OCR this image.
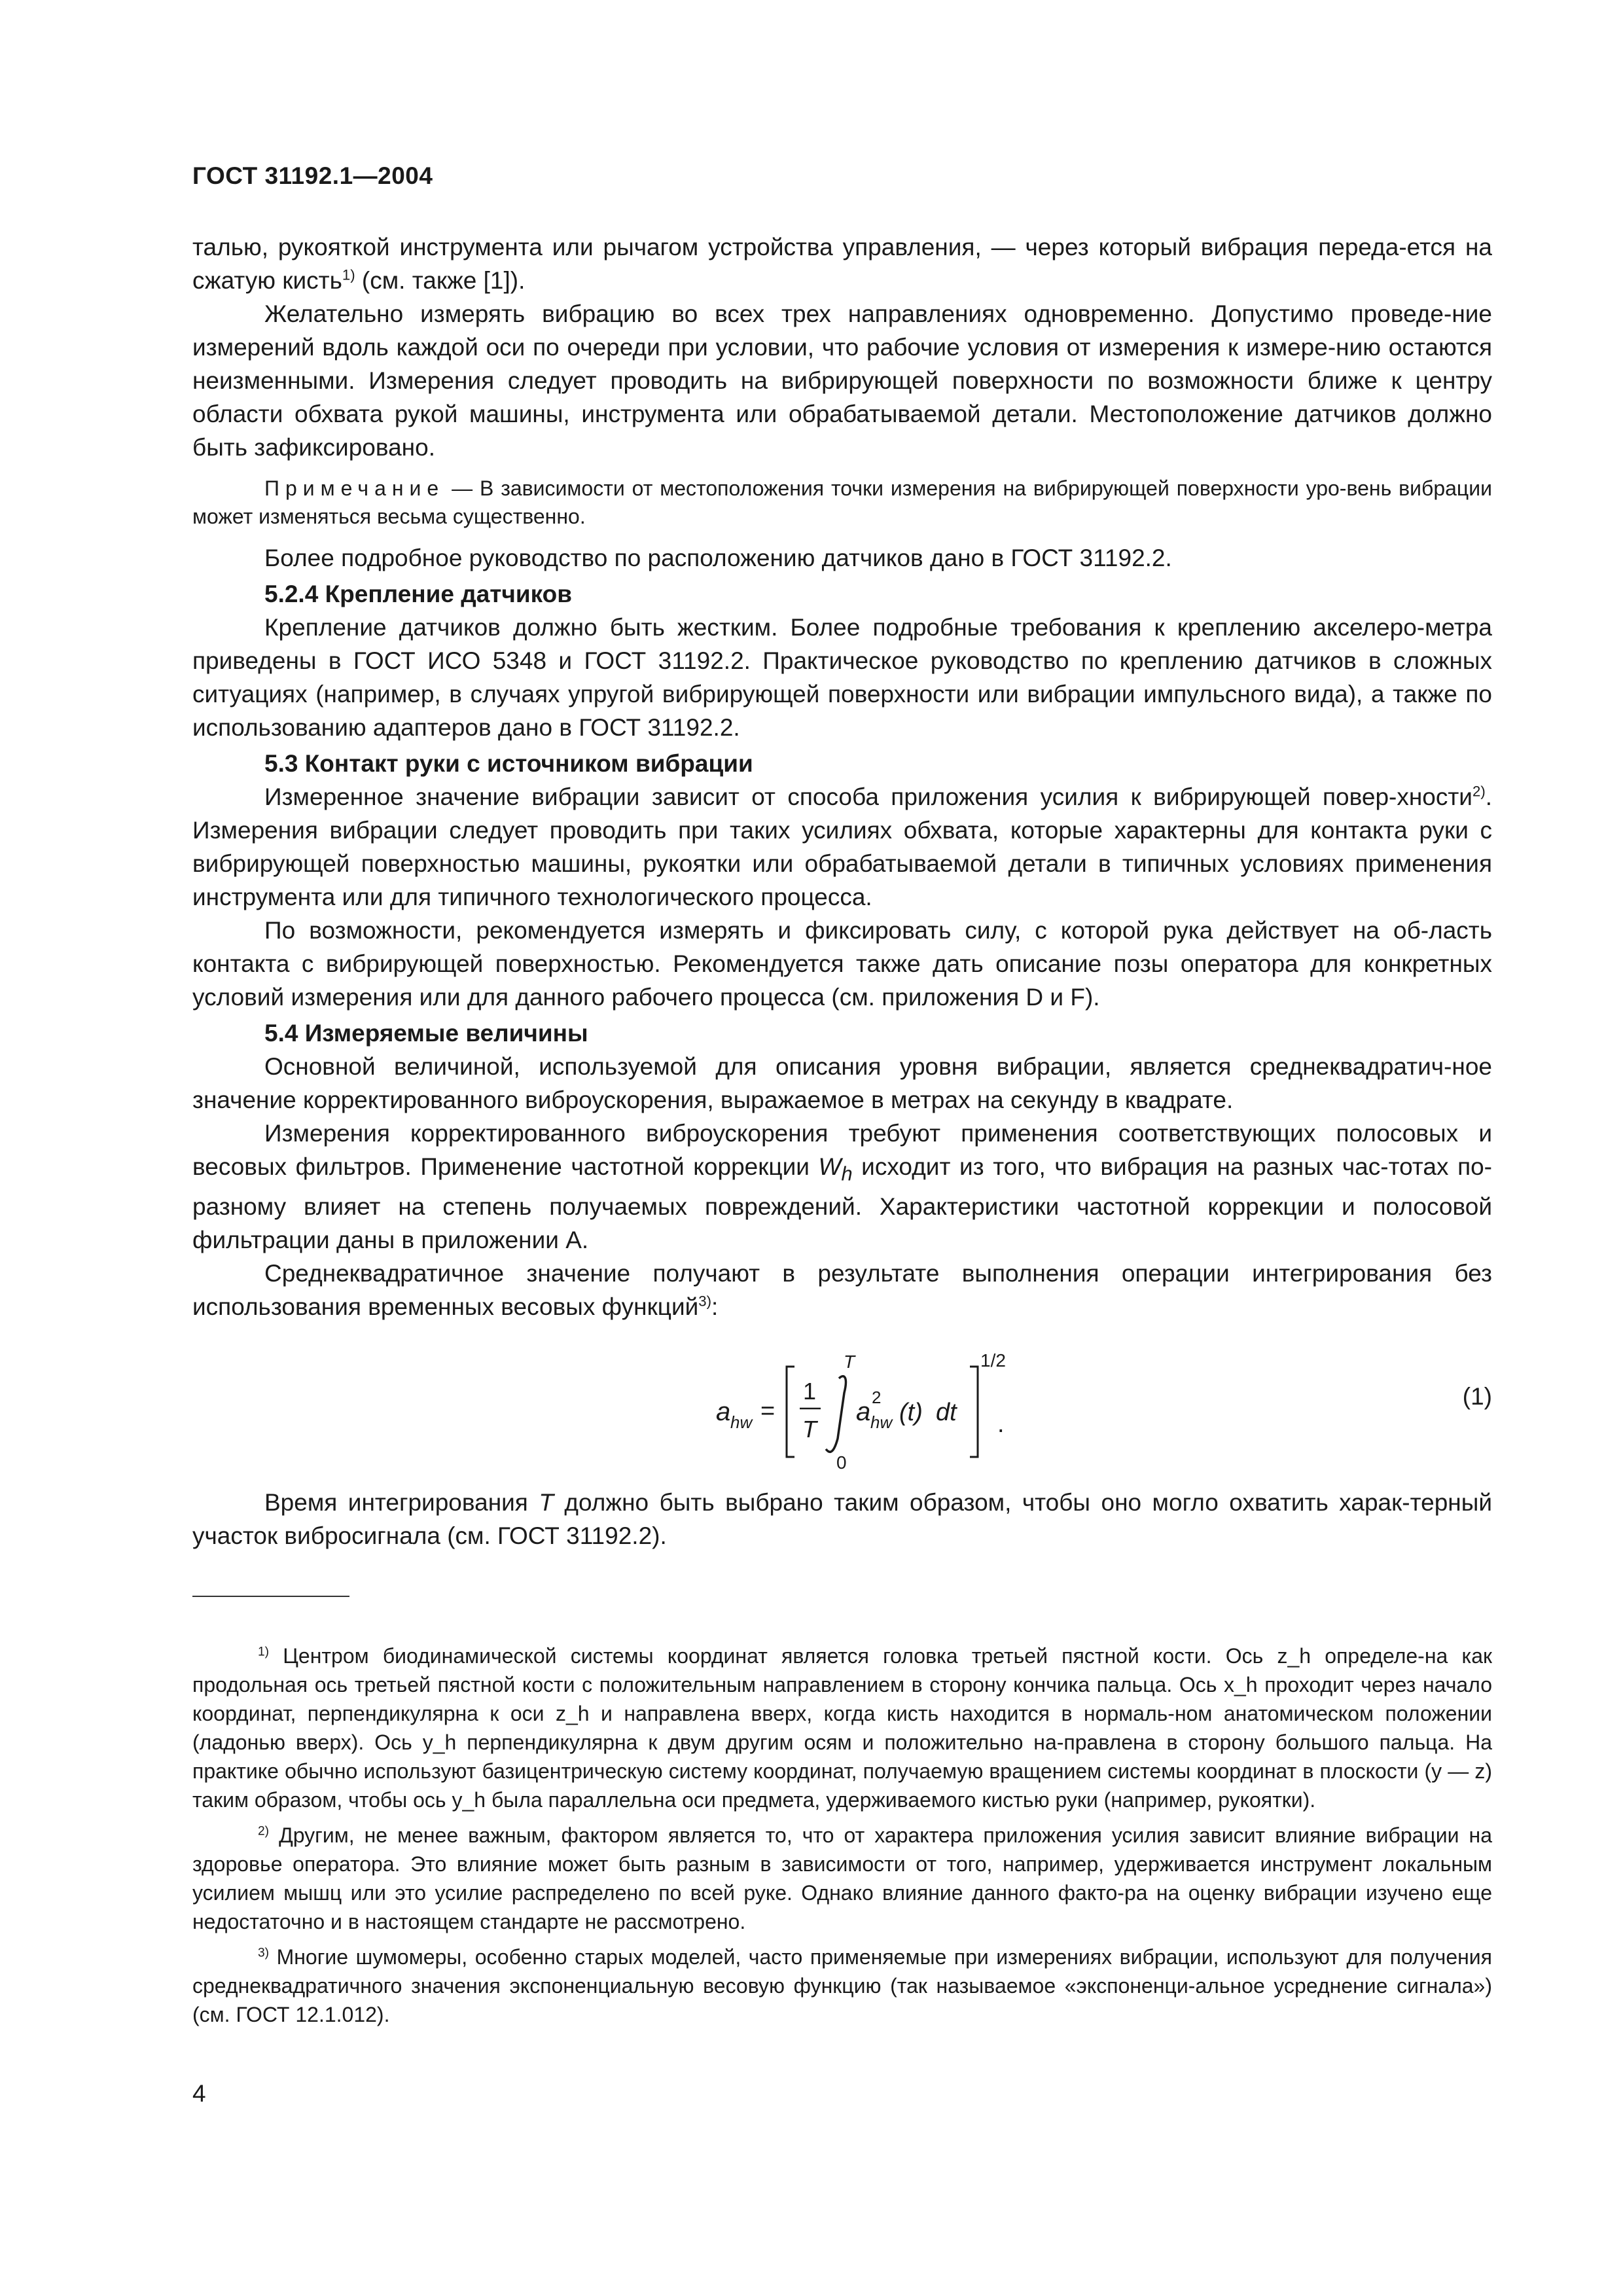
ГОСТ 31192.1—2004

талью, рукояткой инструмента или рычагом устройства управления, — через который вибрация переда-ется на сжатую кисть$^{1)}$ (см. также [1]).

Желательно измерять вибрацию во всех трех направлениях одновременно. Допустимо проведе-ние измерений вдоль каждой оси по очереди при условии, что рабочие условия от измерения к измере-нию остаются неизменными. Измерения следует проводить на вибрирующей поверхности по возможности ближе к центру области обхвата рукой машины, инструмента или обрабатываемой детали. Местоположение датчиков должно быть зафиксировано.

Примечание — В зависимости от местоположения точки измерения на вибрирующей поверхности уро-вень вибрации может изменяться весьма существенно.

Более подробное руководство по расположению датчиков дано в ГОСТ 31192.2.

5.2.4 Крепление датчиков

Крепление датчиков должно быть жестким. Более подробные требования к креплению акселеро-метра приведены в ГОСТ ИСО 5348 и ГОСТ 31192.2. Практическое руководство по креплению датчиков в сложных ситуациях (например, в случаях упругой вибрирующей поверхности или вибрации импульсного вида), а также по использованию адаптеров дано в ГОСТ 31192.2.

5.3 Контакт руки с источником вибрации

Измеренное значение вибрации зависит от способа приложения усилия к вибрирующей повер-хности$^{2)}$. Измерения вибрации следует проводить при таких усилиях обхвата, которые характерны для контакта руки с вибрирующей поверхностью машины, рукоятки или обрабатываемой детали в типичных условиях применения инструмента или для типичного технологического процесса.

По возможности, рекомендуется измерять и фиксировать силу, с которой рука действует на об-ласть контакта с вибрирующей поверхностью. Рекомендуется также дать описание позы оператора для конкретных условий измерения или для данного рабочего процесса (см. приложения D и F).

5.4 Измеряемые величины

Основной величиной, используемой для описания уровня вибрации, является среднеквадратич-ное значение корректированного виброускорения, выражаемое в метрах на секунду в квадрате.

Измерения корректированного виброускорения требуют применения соответствующих полосовых и весовых фильтров. Применение частотной коррекции $W_h$ исходит из того, что вибрация на разных час-тотах по-разному влияет на степень получаемых повреждений. Характеристики частотной коррекции и полосовой фильтрации даны в приложении А.

Среднеквадратичное значение получают в результате выполнения операции интегрирования без использования временных весовых функций$^{3)}$:

a hw =
1
T
T
0
a 2
hw (t) dt
1/2
.
(1)

Время интегрирования T должно быть выбрано таким образом, чтобы оно могло охватить харак-терный участок вибросигнала (см. ГОСТ 31192.2).

$^{1)}$ Центром биодинамической системы координат является головка третьей пястной кости. Ось z_h определе-на как продольная ось третьей пястной кости с положительным направлением в сторону кончика пальца. Ось x_h проходит через начало координат, перпендикулярна к оси z_h и направлена вверх, когда кисть находится в нормаль-ном анатомическом положении (ладонью вверх). Ось y_h перпендикулярна к двум другим осям и положительно на-правлена в сторону большого пальца. На практике обычно используют базицентрическую систему координат, получаемую вращением системы координат в плоскости (y — z) таким образом, чтобы ось y_h была параллельна оси предмета, удерживаемого кистью руки (например, рукоятки).

$^{2)}$ Другим, не менее важным, фактором является то, что от характера приложения усилия зависит влияние вибрации на здоровье оператора. Это влияние может быть разным в зависимости от того, например, удерживается инструмент локальным усилием мышц или это усилие распределено по всей руке. Однако влияние данного факто-ра на оценку вибрации изучено еще недостаточно и в настоящем стандарте не рассмотрено.

$^{3)}$ Многие шумомеры, особенно старых моделей, часто применяемые при измерениях вибрации, используют для получения среднеквадратичного значения экспоненциальную весовую функцию (так называемое «экспоненци-альное усреднение сигнала») (см. ГОСТ 12.1.012).

4
